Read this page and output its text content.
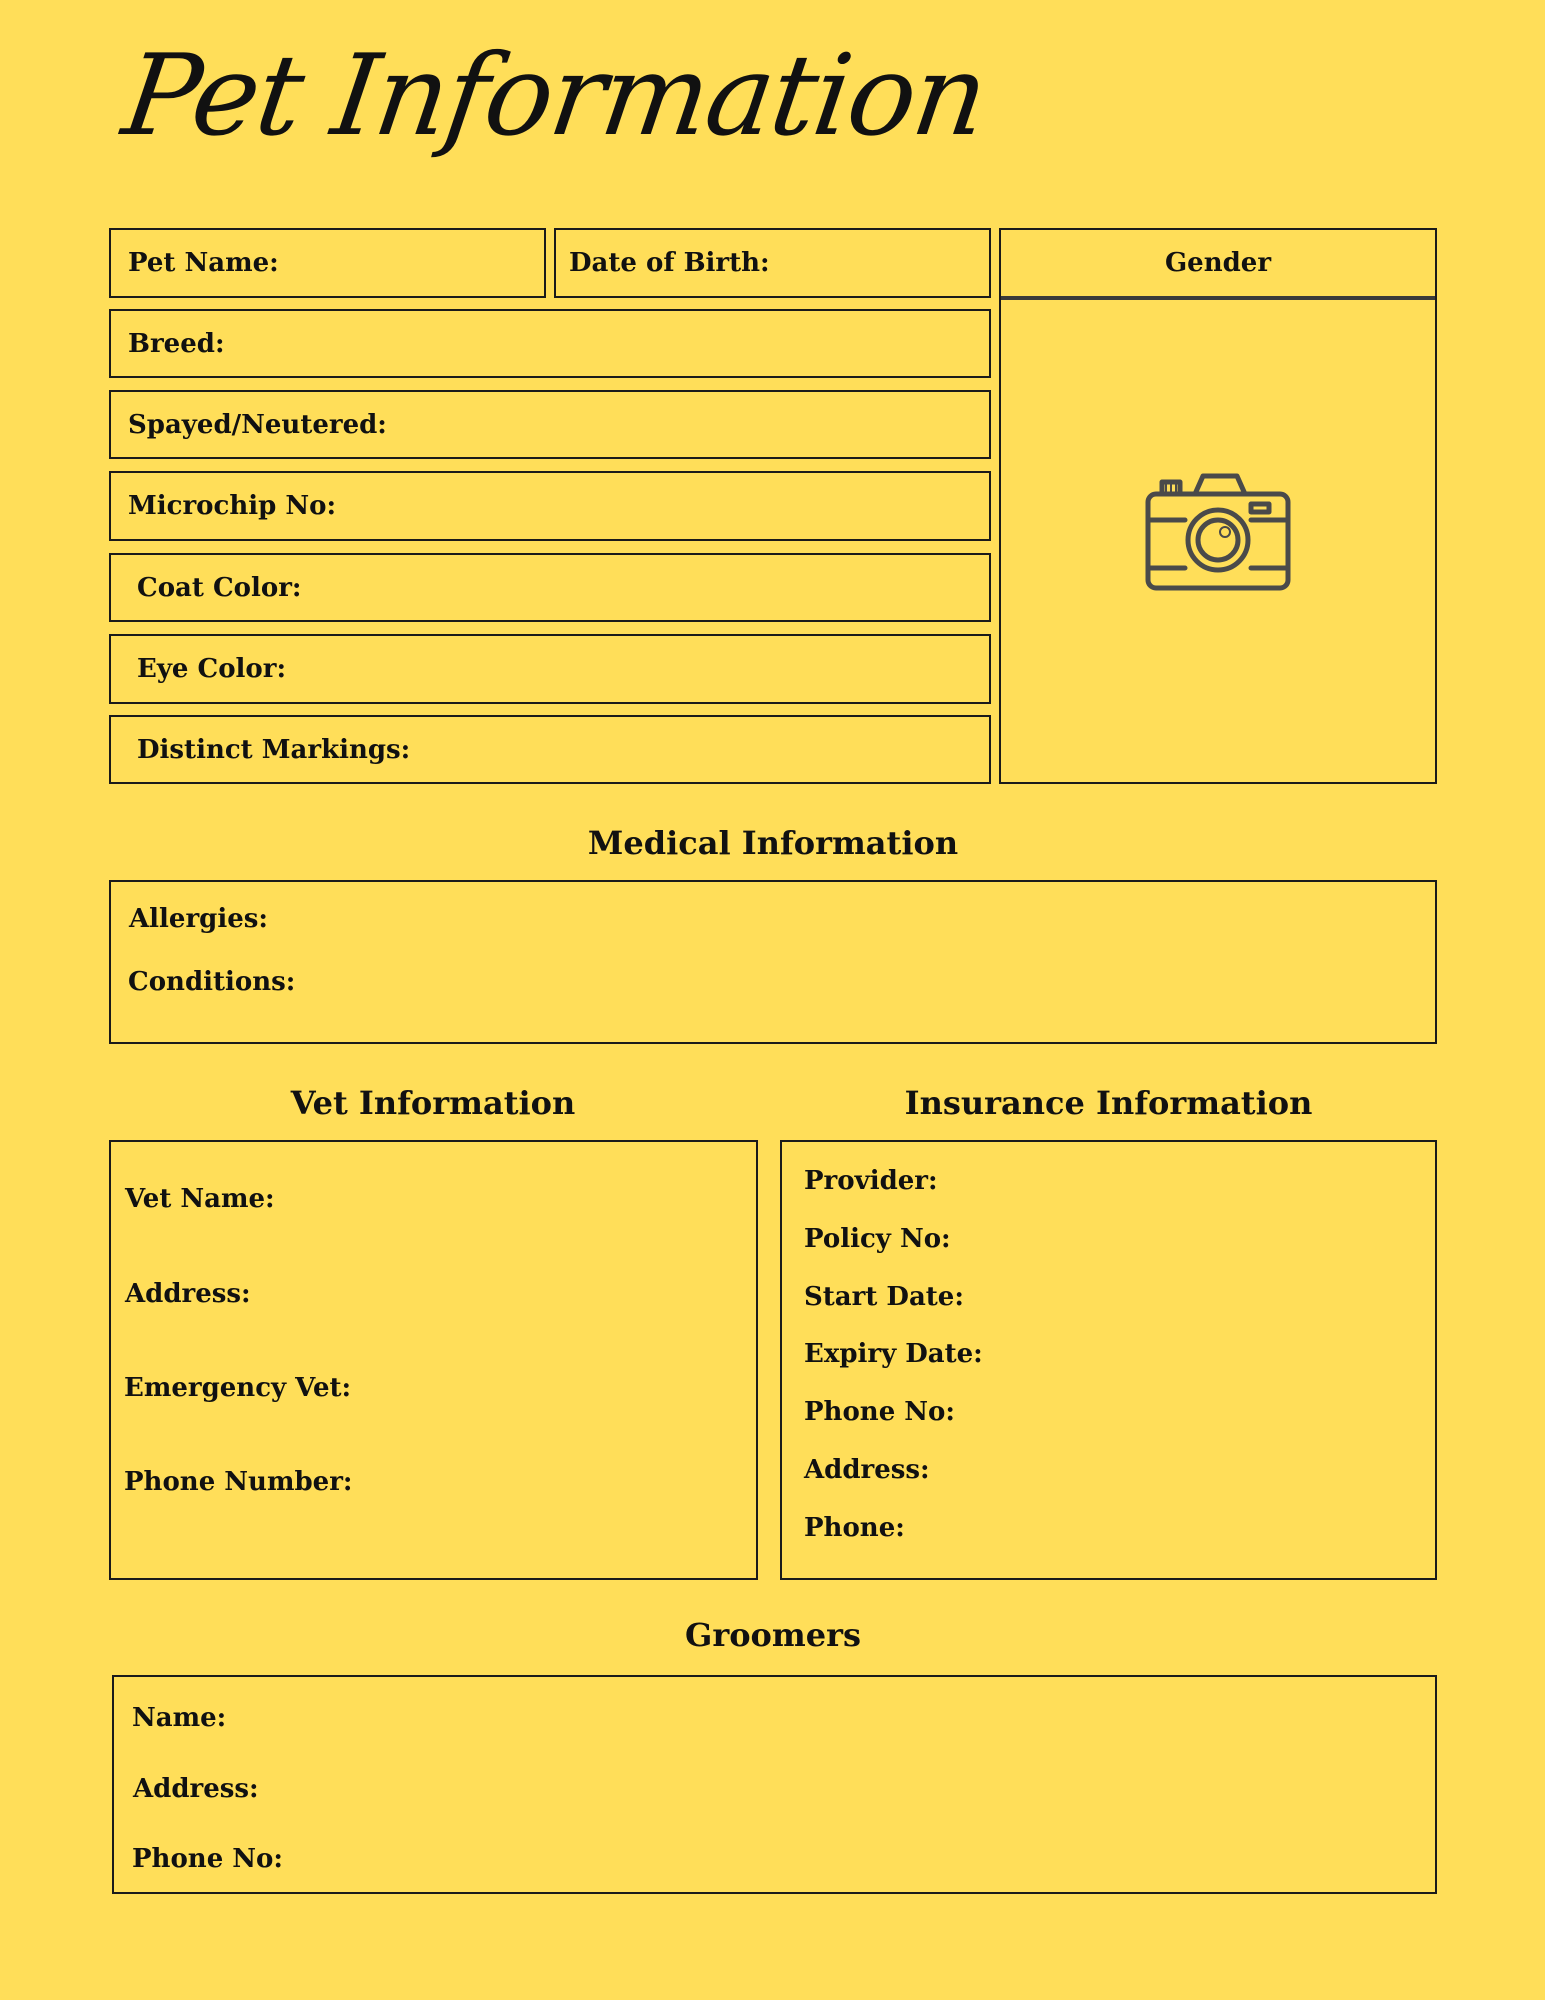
Pet Information
Pet Name:	Date of Birth:	Gender
Breed:
Spayed/Neutered:
Microchip No:
Coat Color:
Eye Color:
Distinct Markings:
Medical Information
Allergies:
Conditions:
Vet Information
Vet Name:
Address:
Emergency Vet:
Phone Number:
Insurance Information
Provider:
Policy No:
Start Date:
Expiry Date:
Phone No:
Address:
Phone:
Groomers
Name:
Address:
Phone No:
